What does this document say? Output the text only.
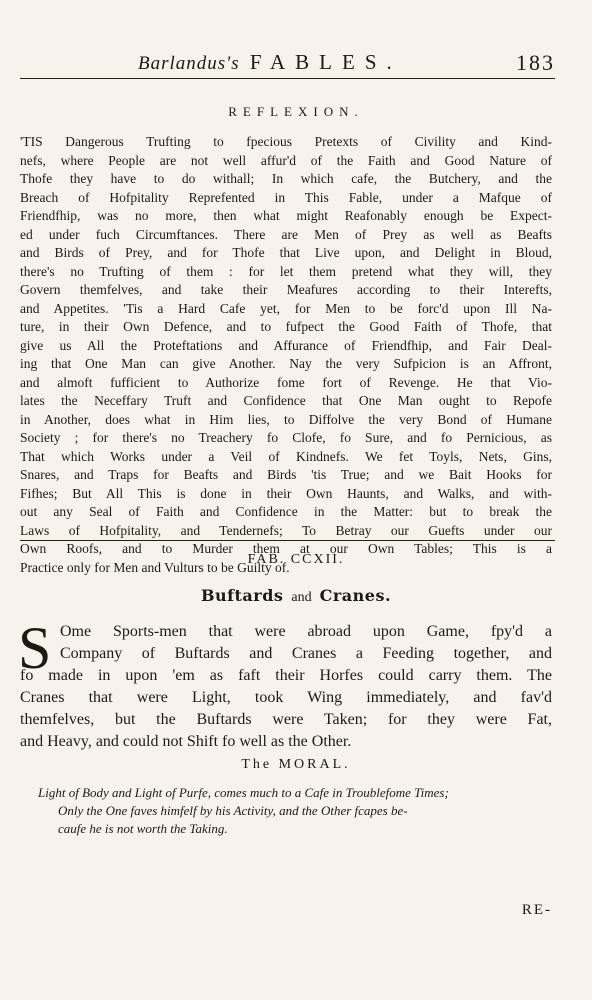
Barlandus's FABLES.	183
REFLEXION.
'TIS Dangerous Trufting to fpecious Pretexts of Civility and Kind-
nefs, where People are not well affur'd of the Faith and Good Nature of
Thofe they have to do withall; In which cafe, the Butchery, and the
Breach of Hofpitality Reprefented in This Fable, under a Mafque of
Friendfhip, was no more, then what might Reafonably enough be Expect-
ed under fuch Circumftances. There are Men of Prey as well as Beafts
and Birds of Prey, and for Thofe that Live upon, and Delight in Bloud,
there's no Trufting of them : for let them pretend what they will, they
Govern themfelves, and take their Meafures according to their Interefts,
and Appetites. 'Tis a Hard Cafe yet, for Men to be forc'd upon Ill Na-
ture, in their Own Defence, and to fufpect the Good Faith of Thofe, that
give us All the Proteftations and Affurance of Friendfhip, and Fair Deal-
ing that One Man can give Another. Nay the very Sufpicion is an Affront,
and almoft fufficient to Authorize fome fort of Revenge. He that Vio-
lates the Neceffary Truft and Confidence that One Man ought to Repofe
in Another, does what in Him lies, to Diffolve the very Bond of Humane
Society ; for there's no Treachery fo Clofe, fo Sure, and fo Pernicious, as
That which Works under a Veil of Kindnefs. We fet Toyls, Nets, Gins,
Snares, and Traps for Beafts and Birds 'tis True; and we Bait Hooks for
Fifhes; But All This is done in their Own Haunts, and Walks, and with-
out any Seal of Faith and Confidence in the Matter: but to break the
Laws of Hofpitality, and Tendernefs; To Betray our Guefts under our
Own Roofs, and to Murder them at our Own Tables; This is a
Practice only for Men and Vulturs to be Guilty of.
FAB. CCXII.
Buftards and Cranes.
S Ome Sports-men that were abroad upon Game, fpy'd a
Company of Buftards and Cranes a Feeding together, and
fo made in upon 'em as faft their Horfes could carry them. The
Cranes that were Light, took Wing immediately, and fav'd
themfelves, but the Buftards were Taken; for they were Fat,
and Heavy, and could not Shift fo well as the Other.
The MORAL.
Light of Body and Light of Purfe, comes much to a Cafe in Troublefome Times;
Only the One faves himfelf by his Activity, and the Other fcapes be-
caufe he is not worth the Taking.
RE-
